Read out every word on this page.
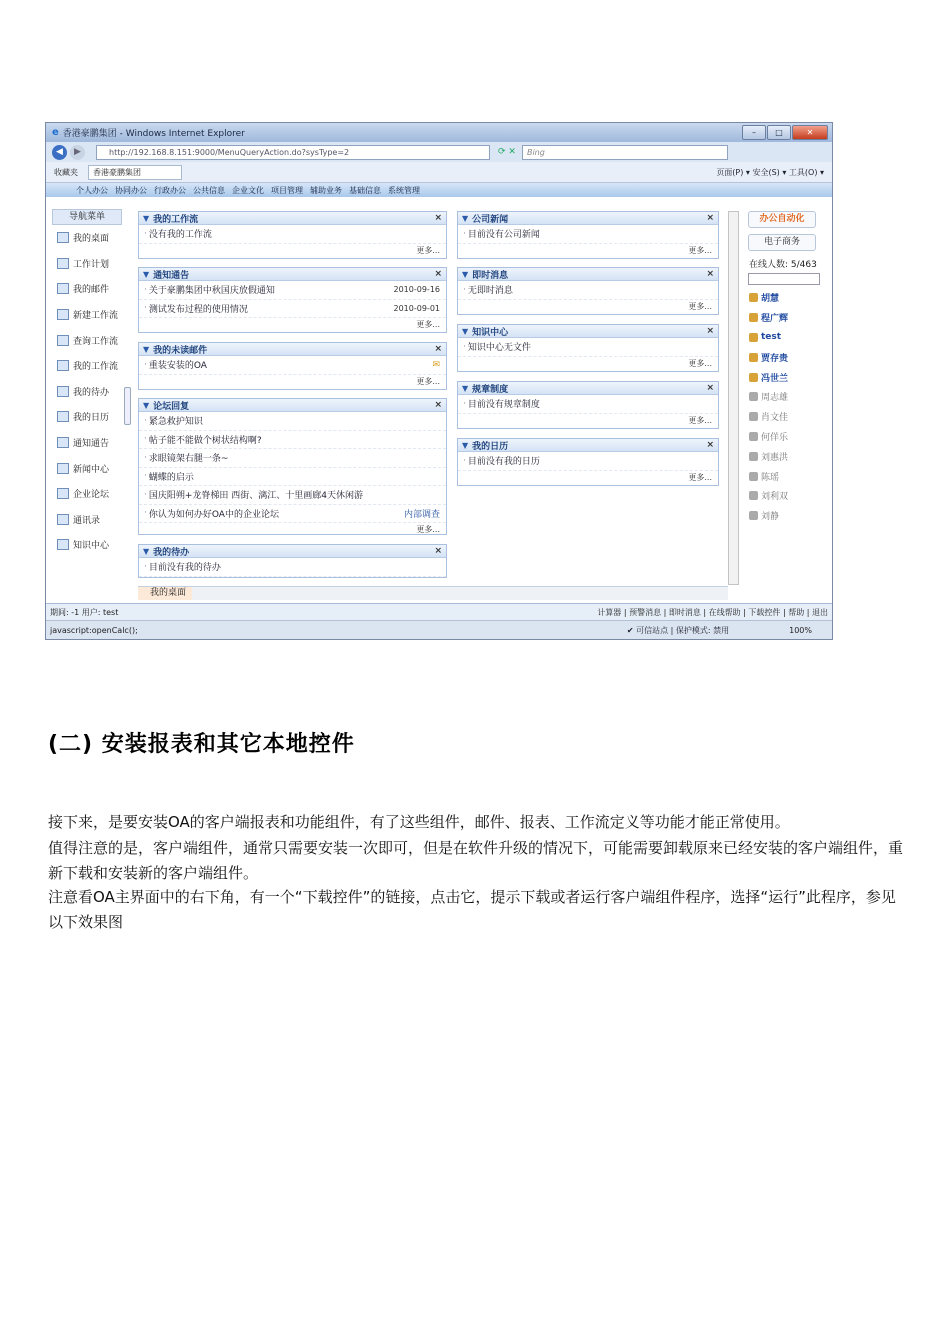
e 香港豪鹏集团 - Windows Internet Explorer	–	□	✕
◀	▶	http://192.168.8.151:9000/MenuQueryAction.do?sysType=2	⟳ ✕	Bing
收藏夹	香港豪鹏集团	页面(P) ▾ 安全(S) ▾ 工具(O) ▾
个人办公 协同办公 行政办公 公共信息 企业文化 项目管理 辅助业务 基础信息 系统管理
导航菜单
我的桌面
工作计划
我的邮件
新建工作流
查询工作流
我的工作流
我的待办
我的日历
通知通告
新闻中心
企业论坛
通讯录
知识中心
▼ 我的工作流	×
· 没有我的工作流
更多...
▼ 通知通告	×
· 关于豪鹏集团中秋国庆放假通知	2010-09-16
· 测试发布过程的使用情况	2010-09-01
更多...
▼ 我的未读邮件	×
· 重装安装的OA	✉
更多...
▼ 论坛回复	×
· 紧急救护知识
· 帖子能不能做个树状结构啊?
· 求眼镜架右腿一条~
· 蝴蝶的启示
· 国庆阳朔+龙脊梯田 西街、漓江、十里画廊4天休闲游
· 你认为如何办好OA中的企业论坛	内部调查
更多...
▼ 我的待办	×
· 目前没有我的待办
▼ 公司新闻	×
· 目前没有公司新闻
更多...
▼ 即时消息	×
· 无即时消息
更多...
▼ 知识中心	×
· 知识中心无文件
更多...
▼ 规章制度	×
· 目前没有规章制度
更多...
▼ 我的日历	×
· 目前没有我的日历
更多...
办公自动化
电子商务
在线人数: 5/463
胡慧
程广辉
test
贾存贵
冯世兰
周志雄
肖文佳
何佯乐
刘惠洪
陈瑶
刘利双
刘静
我的桌面
期间: -1 用户: test	计算器 | 预警消息 | 即时消息 | 在线帮助 | 下载控件 | 帮助 | 退出
javascript:openCalc();	✔ 可信站点 | 保护模式: 禁用	100%
(二) 安装报表和其它本地控件
接下来，是要安装OA的客户端报表和功能组件，有了这些组件，邮件、报表、工作流定义等功能才能正常使用。
值得注意的是，客户端组件，通常只需要安装一次即可，但是在软件升级的情况下，可能需要卸载原来已经安装的客户端组件，重新下载和安装新的客户端组件。
注意看OA主界面中的右下角，有一个“下载控件”的链接，点击它，提示下载或者运行客户端组件程序，选择“运行”此程序，参见以下效果图
